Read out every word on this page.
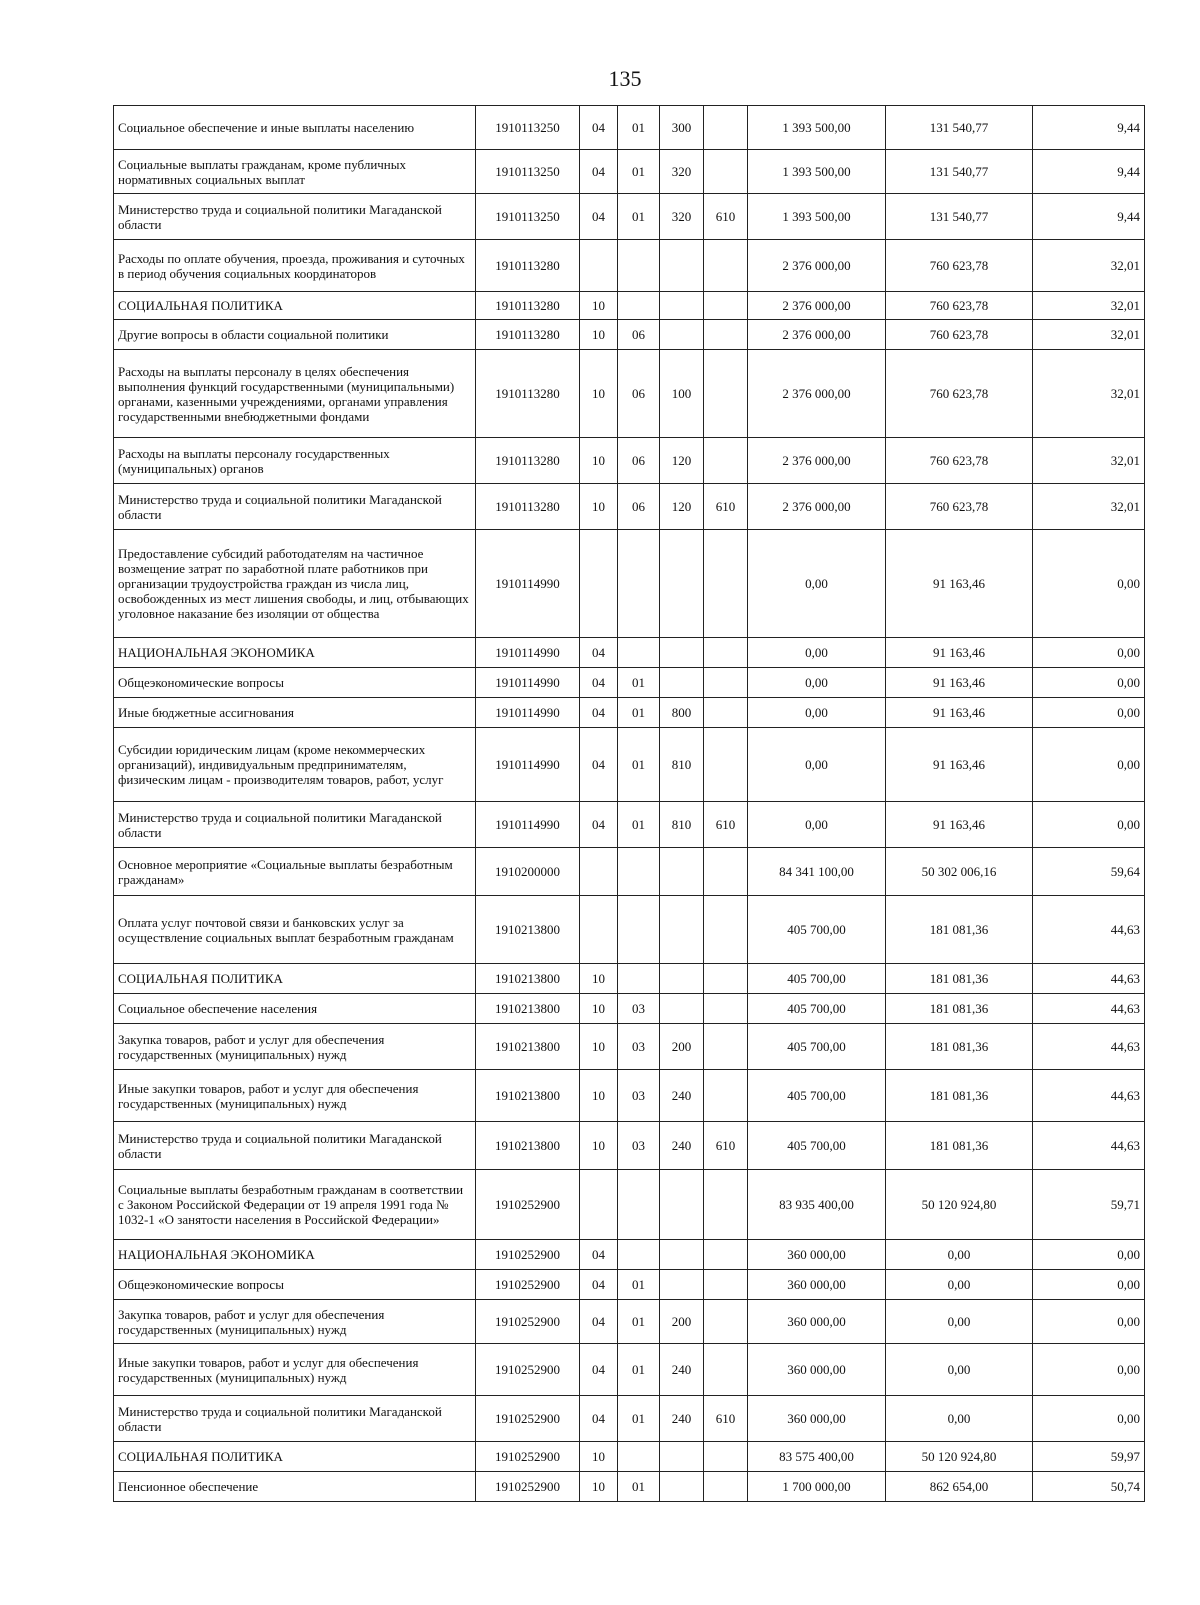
135
Социальное обеспечение и иные выплаты населению	1910113250	04	01	300		1 393 500,00	131 540,77	9,44
Социальные выплаты гражданам, кроме публичных нормативных социальных выплат	1910113250	04	01	320		1 393 500,00	131 540,77	9,44
Министерство труда и социальной политики Магаданской области	1910113250	04	01	320	610	1 393 500,00	131 540,77	9,44
Расходы по оплате обучения, проезда, проживания и суточных в период обучения социальных координаторов	1910113280					2 376 000,00	760 623,78	32,01
СОЦИАЛЬНАЯ ПОЛИТИКА	1910113280	10				2 376 000,00	760 623,78	32,01
Другие вопросы в области социальной политики	1910113280	10	06			2 376 000,00	760 623,78	32,01
Расходы на выплаты персоналу в целях обеспечения выполнения функций государственными (муниципальными) органами, казенными учреждениями, органами управления государственными внебюджетными фондами	1910113280	10	06	100		2 376 000,00	760 623,78	32,01
Расходы на выплаты персоналу государственных (муниципальных) органов	1910113280	10	06	120		2 376 000,00	760 623,78	32,01
Министерство труда и социальной политики Магаданской области	1910113280	10	06	120	610	2 376 000,00	760 623,78	32,01
Предоставление субсидий работодателям на частичное возмещение затрат по заработной плате работников при организации трудоустройства граждан из числа лиц, освобожденных из мест лишения свободы, и лиц, отбывающих уголовное наказание без изоляции от общества	1910114990					0,00	91 163,46	0,00
НАЦИОНАЛЬНАЯ ЭКОНОМИКА	1910114990	04				0,00	91 163,46	0,00
Общеэкономические вопросы	1910114990	04	01			0,00	91 163,46	0,00
Иные бюджетные ассигнования	1910114990	04	01	800		0,00	91 163,46	0,00
Субсидии юридическим лицам (кроме некоммерческих организаций), индивидуальным предпринимателям, физическим лицам - производителям товаров, работ, услуг	1910114990	04	01	810		0,00	91 163,46	0,00
Министерство труда и социальной политики Магаданской области	1910114990	04	01	810	610	0,00	91 163,46	0,00
Основное мероприятие «Социальные выплаты безработным гражданам»	1910200000					84 341 100,00	50 302 006,16	59,64
Оплата услуг почтовой связи и банковских услуг за осуществление социальных выплат безработным гражданам	1910213800					405 700,00	181 081,36	44,63
СОЦИАЛЬНАЯ ПОЛИТИКА	1910213800	10				405 700,00	181 081,36	44,63
Социальное обеспечение населения	1910213800	10	03			405 700,00	181 081,36	44,63
Закупка товаров, работ и услуг для обеспечения государственных (муниципальных) нужд	1910213800	10	03	200		405 700,00	181 081,36	44,63
Иные закупки товаров, работ и услуг для обеспечения государственных (муниципальных) нужд	1910213800	10	03	240		405 700,00	181 081,36	44,63
Министерство труда и социальной политики Магаданской области	1910213800	10	03	240	610	405 700,00	181 081,36	44,63
Социальные выплаты безработным гражданам в соответствии с Законом Российской Федерации от 19 апреля 1991 года № 1032-1 «О занятости населения в Российской Федерации»	1910252900					83 935 400,00	50 120 924,80	59,71
НАЦИОНАЛЬНАЯ ЭКОНОМИКА	1910252900	04				360 000,00	0,00	0,00
Общеэкономические вопросы	1910252900	04	01			360 000,00	0,00	0,00
Закупка товаров, работ и услуг для обеспечения государственных (муниципальных) нужд	1910252900	04	01	200		360 000,00	0,00	0,00
Иные закупки товаров, работ и услуг для обеспечения государственных (муниципальных) нужд	1910252900	04	01	240		360 000,00	0,00	0,00
Министерство труда и социальной политики Магаданской области	1910252900	04	01	240	610	360 000,00	0,00	0,00
СОЦИАЛЬНАЯ ПОЛИТИКА	1910252900	10				83 575 400,00	50 120 924,80	59,97
Пенсионное обеспечение	1910252900	10	01			1 700 000,00	862 654,00	50,74
